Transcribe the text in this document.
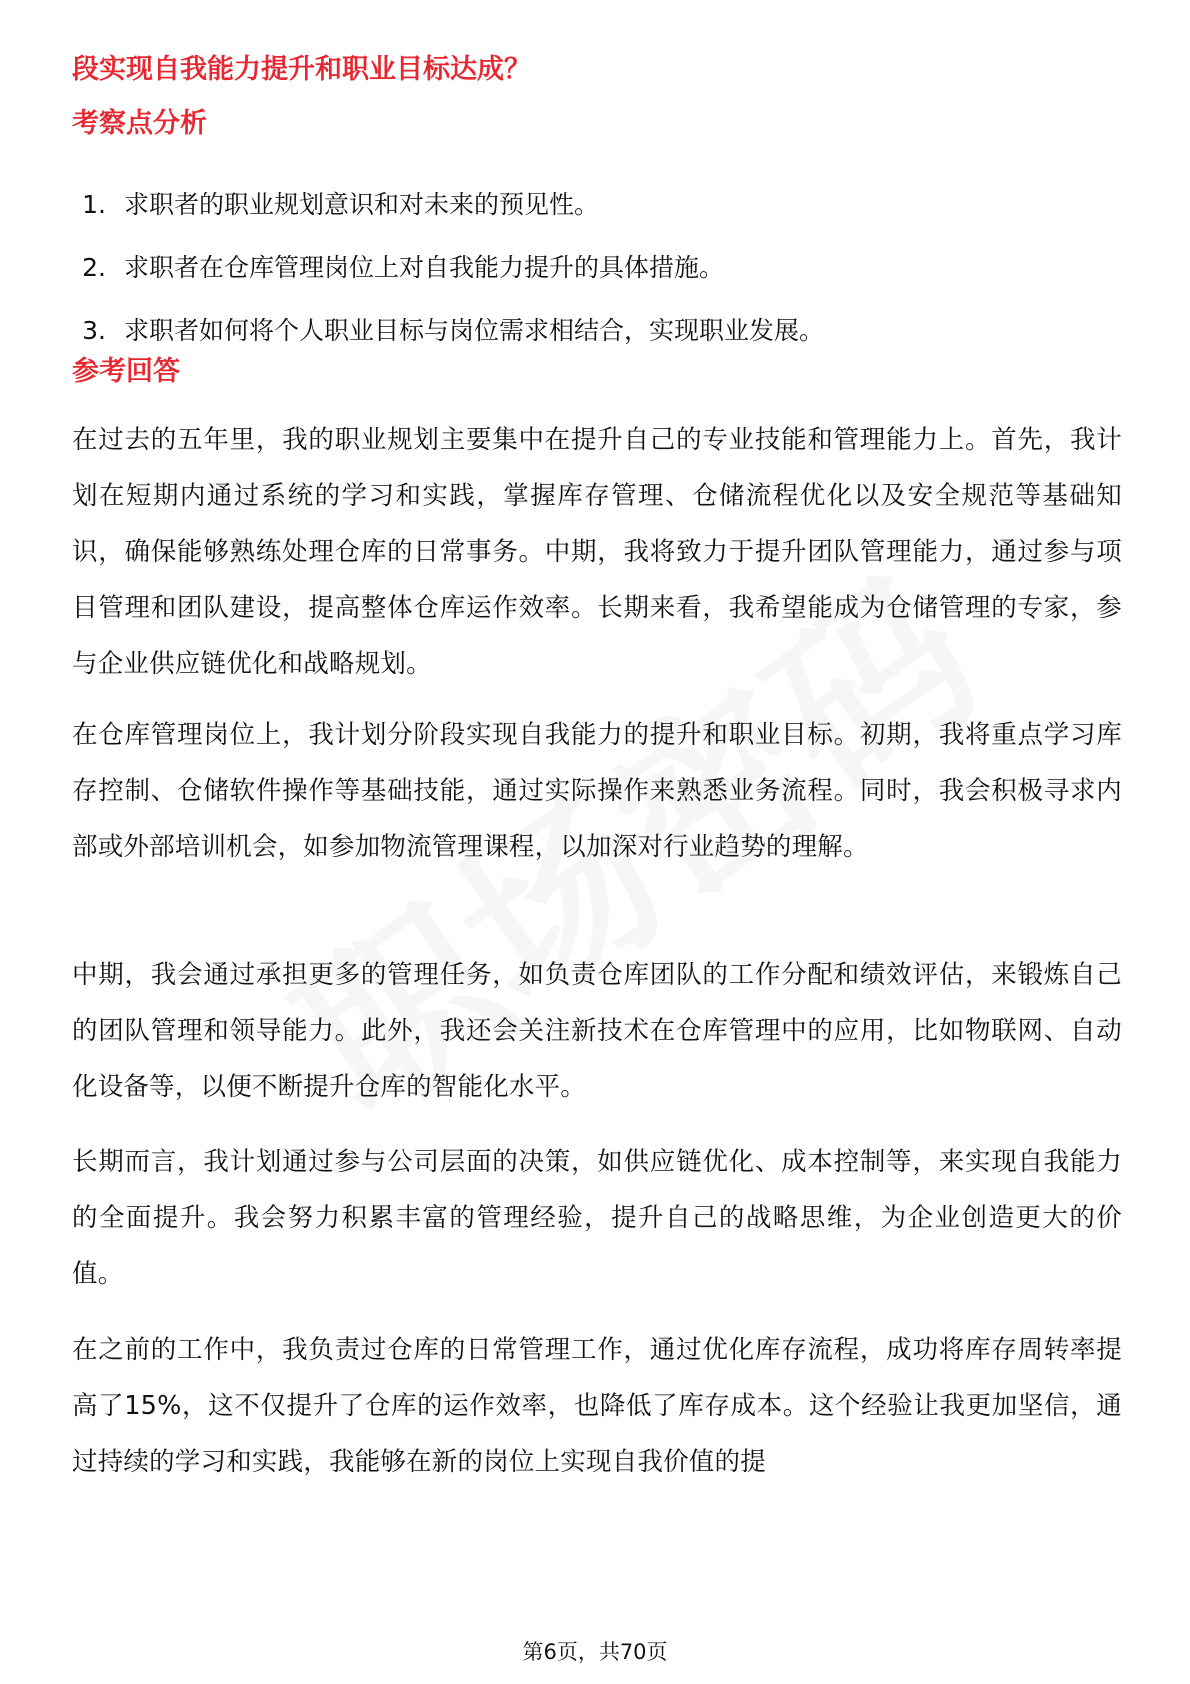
段实现自我能力提升和职业目标达成？
考察点分析
1. 求职者的职业规划意识和对未来的预见性。
2. 求职者在仓库管理岗位上对自我能力提升的具体措施。
3. 求职者如何将个人职业目标与岗位需求相结合，实现职业发展。
参考回答

在过去的五年里，我的职业规划主要集中在提升自己的专业技能和管理能力上。首先，我计划在短期内通过系统的学习和实践，掌握库存管理、仓储流程优化以及安全规范等基础知识，确保能够熟练处理仓库的日常事务。中期，我将致力于提升团队管理能力，通过参与项目管理和团队建设，提高整体仓库运作效率。长期来看，我希望能成为仓储管理的专家，参与企业供应链优化和战略规划。

在仓库管理岗位上，我计划分阶段实现自我能力的提升和职业目标。初期，我将重点学习库存控制、仓储软件操作等基础技能，通过实际操作来熟悉业务流程。同时，我会积极寻求内部或外部培训机会，如参加物流管理课程，以加深对行业趋势的理解。

中期，我会通过承担更多的管理任务，如负责仓库团队的工作分配和绩效评估，来锻炼自己的团队管理和领导能力。此外，我还会关注新技术在仓库管理中的应用，比如物联网、自动化设备等，以便不断提升仓库的智能化水平。

长期而言，我计划通过参与公司层面的决策，如供应链优化、成本控制等，来实现自我能力的全面提升。我会努力积累丰富的管理经验，提升自己的战略思维，为企业创造更大的价值。

在之前的工作中，我负责过仓库的日常管理工作，通过优化库存流程，成功将库存周转率提高了15%，这不仅提升了仓库的运作效率，也降低了库存成本。这个经验让我更加坚信，通过持续的学习和实践，我能够在新的岗位上实现自我价值的提

第6页，共70页
